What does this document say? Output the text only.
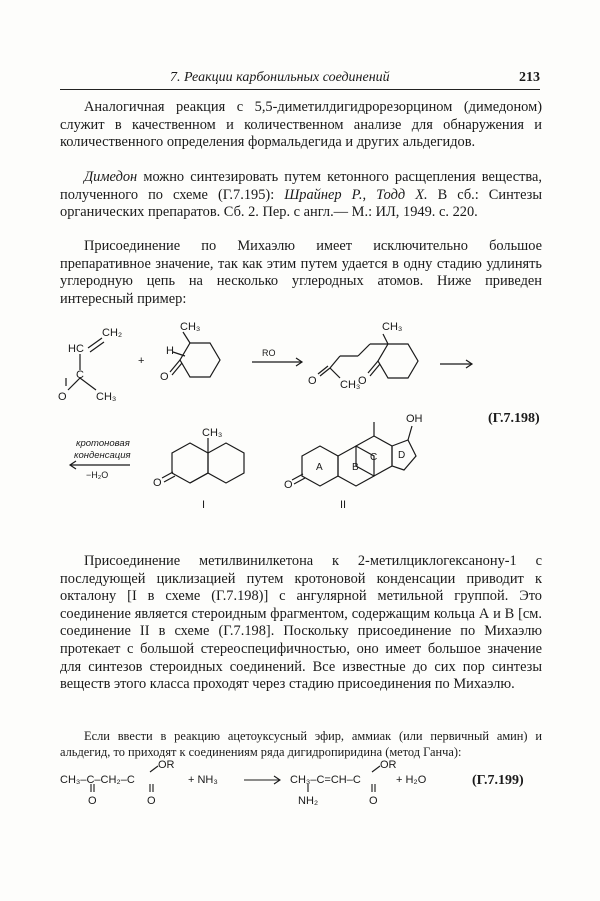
7. Реакции карбонильных соединений	213

Аналогичная реакция с 5,5-диметилдигидрорезорцином (димедоном) служит в качественном и количественном анализе для обнаружения и количественного определения формальдегида и других альдегидов.

Димедон можно синтезировать путем кетонного расщепления вещества, полученного по схеме (Г.7.195): Шрайнер Р., Тодд X. В сб.: Синтезы органических препаратов. Сб. 2. Пер. с англ.— М.: ИЛ, 1949. с. 220.

Присоединение по Михаэлю имеет исключительно большое препаративное значение, так как этим путем удается в одну стадию удлинять углеродную цепь на несколько углеродных атомов. Ниже приведен интересный пример:

CH₂
HC
C
O	CH₃
+
CH₃
H
O
RO
CH₃
O CH₃
O
кротоновая
конденсация
−H₂O
CH₃
O
I
OH
O
A	B
C D
II
(Г.7.198)

Присоединение метилвинилкетона к 2-метилциклогексанону-1 с последующей циклизацией путем кротоновой конденсации приводит к окталону [I в схеме (Г.7.198)] с ангулярной метильной группой. Это соединение является стероидным фрагментом, содержащим кольца А и В [см. соединение II в схеме (Г.7.198]. Поскольку присоединение по Михаэлю протекает с большой стереоспецифичностью, оно имеет большое значение для синтезов стероидных соединений. Все известные до сих пор синтезы веществ этого класса проходят через стадию присоединения по Михаэлю.

Если ввести в реакцию ацетоуксусный эфир, аммиак (или первичный амин) и альдегид, то приходят к соединениям ряда дигидропиридина (метод Ганча):

CH₃–C–CH₂–C
OR
O	O
+ NH₃	CH₃–C=CH–C
OR
NH₂	O
+ H₂O	(Г.7.199)
